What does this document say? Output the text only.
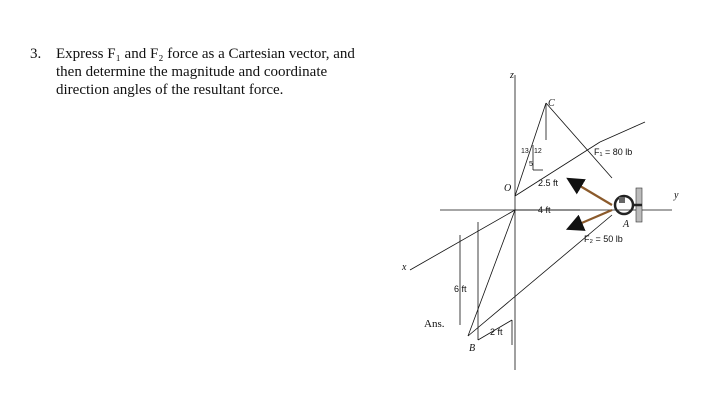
3. Express F₁ and F₂ force as a Cartesian vector, and then determine the magnitude and coordinate direction angles of the resultant force.
Ans.
z
y
x
O
C
A
B
F₁ = 80 lb
F₂ = 50 lb
2.5 ft
4 ft
6 ft
2 ft
13 12
5
